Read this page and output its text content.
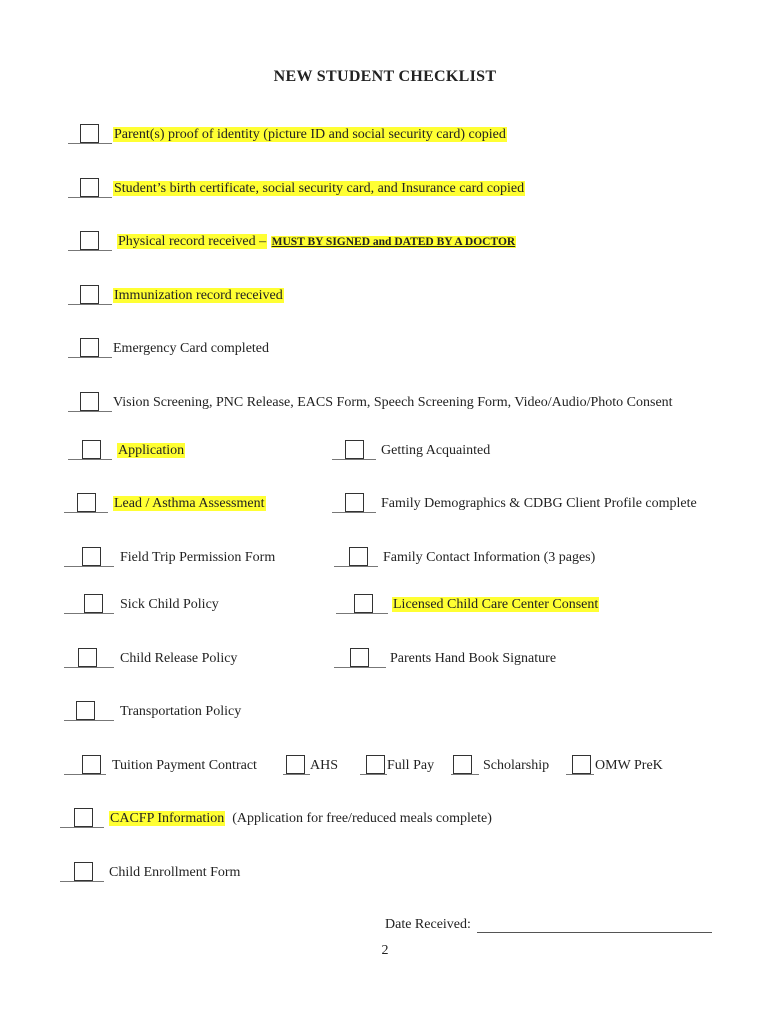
NEW STUDENT CHECKLIST
Parent(s) proof of identity (picture ID and social security card) copied
Student’s birth certificate, social security card, and Insurance card copied
Physical record received – MUST BY SIGNED and DATED BY A DOCTOR
Immunization record received
Emergency Card completed
Vision Screening, PNC Release, EACS Form, Speech Screening Form, Video/Audio/Photo Consent
Application	Getting Acquainted
Lead / Asthma Assessment	Family Demographics & CDBG Client Profile complete
Field Trip Permission Form	Family Contact Information (3 pages)
Sick Child Policy	Licensed Child Care Center Consent
Child Release Policy	Parents Hand Book Signature
Transportation Policy
Tuition Payment Contract	AHS	Full Pay	Scholarship	OMW PreK
CACFP Information (Application for free/reduced meals complete)
Child Enrollment Form
Date Received:
2
